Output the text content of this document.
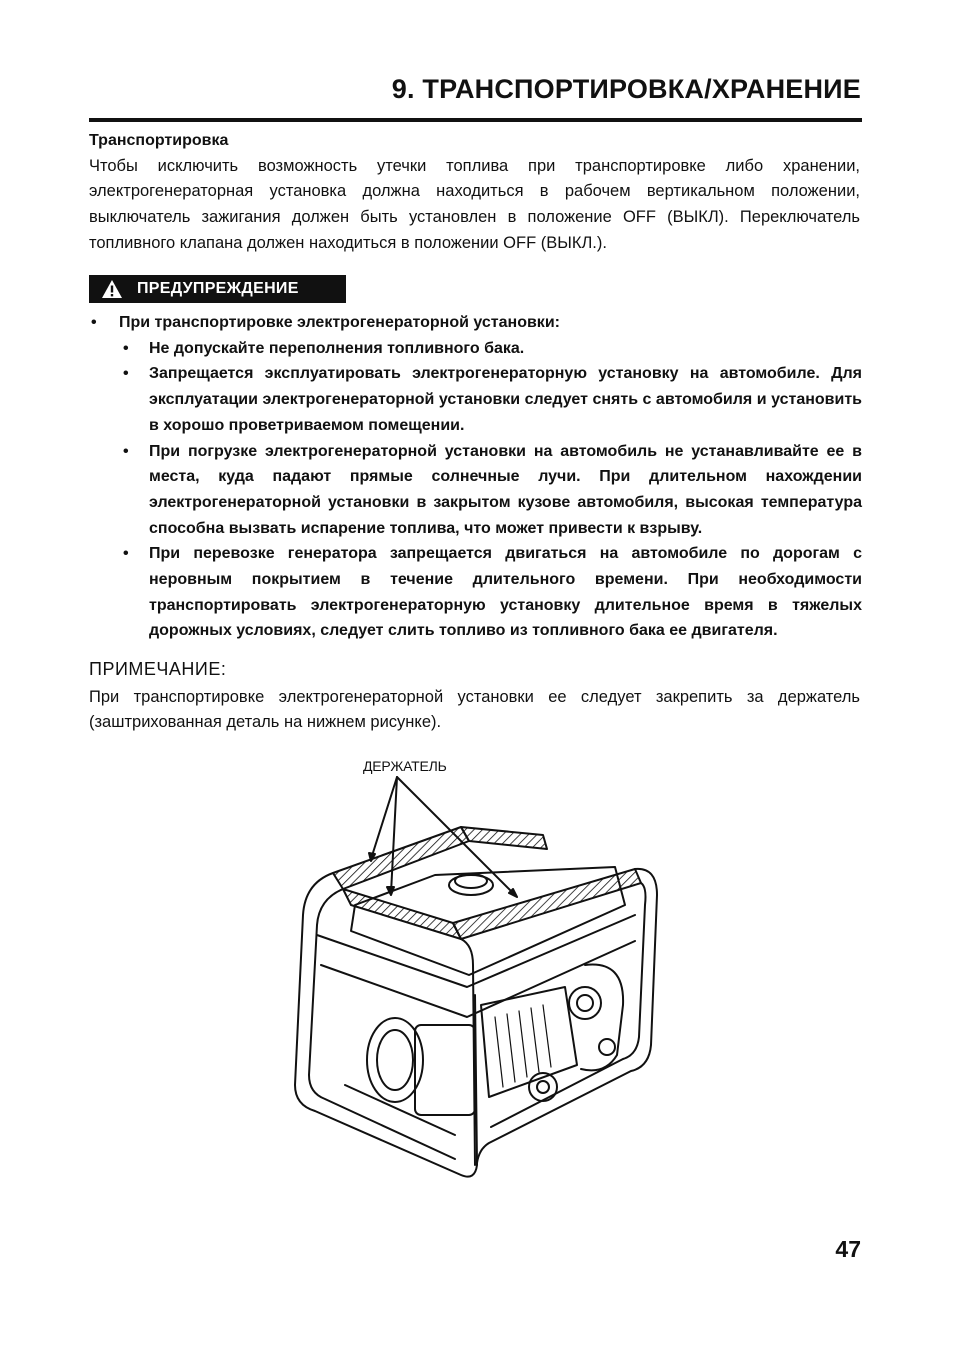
9. ТРАНСПОРТИРОВКА/ХРАНЕНИЕ
Транспортировка

Чтобы исключить возможность утечки топлива при транспортировке либо хранении, электрогенераторная установка должна находиться в рабочем вертикальном положении, выключатель зажигания должен быть установлен в положение OFF (ВЫКЛ). Переключатель топливного клапана должен находиться в положении OFF (ВЫКЛ.).

ПРЕДУПРЕЖДЕНИЕ
• При транспортировке электрогенераторной установки:
• Не допускайте переполнения топливного бака.
• Запрещается эксплуатировать электрогенераторную установку на автомобиле. Для эксплуатации электрогенераторной установки следует снять с автомобиля и установить в хорошо проветриваемом помещении.
• При погрузке электрогенераторной установки на автомобиль не устанавливайте ее в места, куда падают прямые солнечные лучи. При длительном нахождении электрогенераторной установки в закрытом кузове автомобиля, высокая температура способна вызвать испарение топлива, что может привести к взрыву.
• При перевозке генератора запрещается двигаться на автомобиле по дорогам с неровным покрытием в течение длительного времени. При необходимости транспортировать электрогенераторную установку длительное время в тяжелых дорожных условиях, следует слить топливо из топливного бака ее двигателя.
ПРИМЕЧАНИЕ:

При транспортировке электрогенераторной установки ее следует закрепить за держатель (заштрихованная деталь на нижнем рисунке).

ДЕРЖАТЕЛЬ
47
